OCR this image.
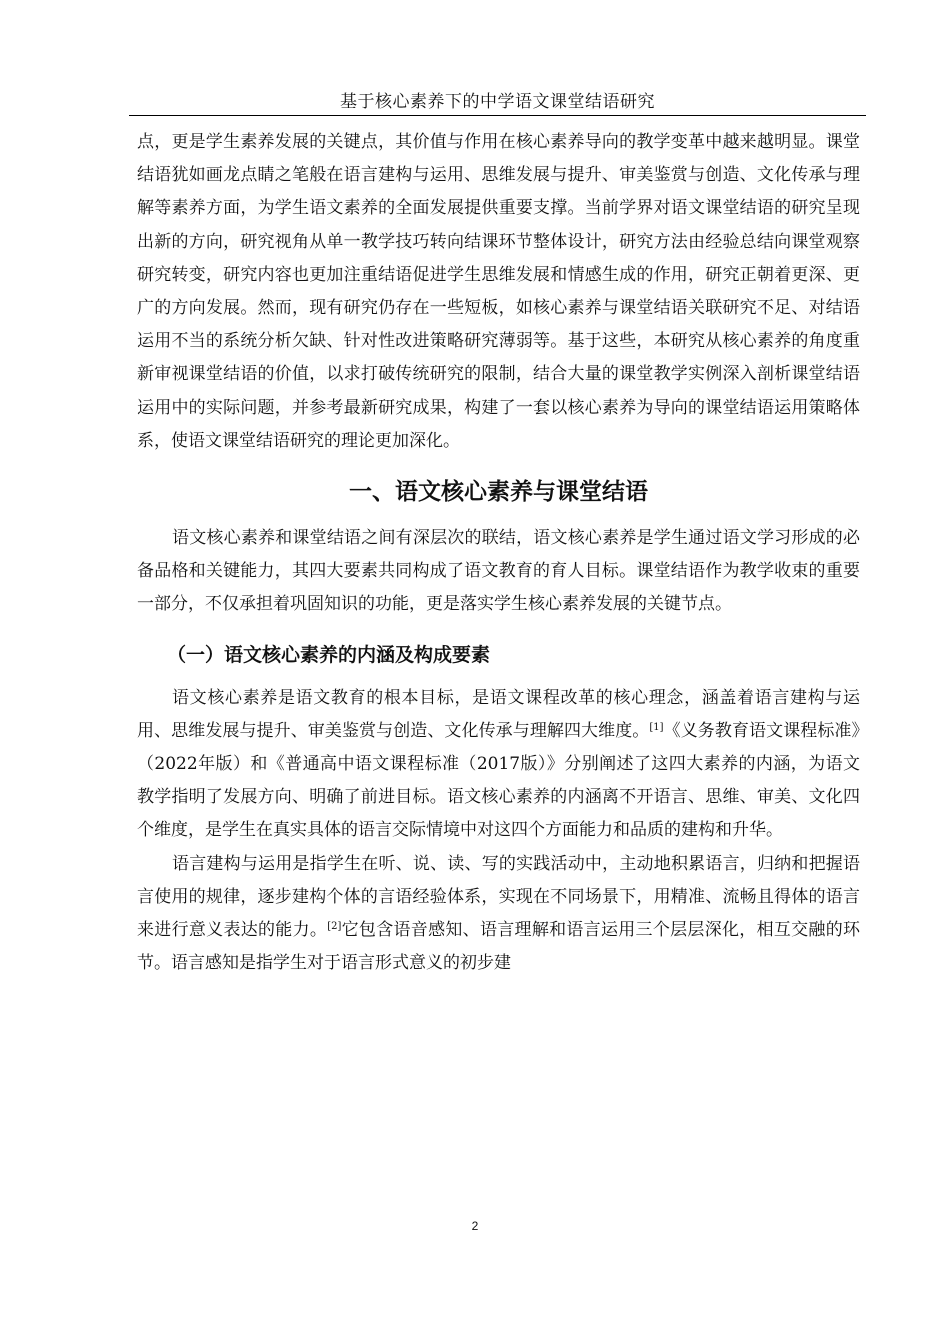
基于核心素养下的中学语文课堂结语研究

点，更是学生素养发展的关键点，其价值与作用在核心素养导向的教学变革中越来越明显。课堂结语犹如画龙点睛之笔般在语言建构与运用、思维发展与提升、审美鉴赏与创造、文化传承与理解等素养方面，为学生语文素养的全面发展提供重要支撑。当前学界对语文课堂结语的研究呈现出新的方向，研究视角从单一教学技巧转向结课环节整体设计，研究方法由经验总结向课堂观察研究转变，研究内容也更加注重结语促进学生思维发展和情感生成的作用，研究正朝着更深、更广的方向发展。然而，现有研究仍存在一些短板，如核心素养与课堂结语关联研究不足、对结语运用不当的系统分析欠缺、针对性改进策略研究薄弱等。基于这些，本研究从核心素养的角度重新审视课堂结语的价值，以求打破传统研究的限制，结合大量的课堂教学实例深入剖析课堂结语运用中的实际问题，并参考最新研究成果，构建了一套以核心素养为导向的课堂结语运用策略体系，使语文课堂结语研究的理论更加深化。

一、语文核心素养与课堂结语

语文核心素养和课堂结语之间有深层次的联结，语文核心素养是学生通过语文学习形成的必备品格和关键能力，其四大要素共同构成了语文教育的育人目标。课堂结语作为教学收束的重要一部分，不仅承担着巩固知识的功能，更是落实学生核心素养发展的关键节点。

（一）语文核心素养的内涵及构成要素

语文核心素养是语文教育的根本目标，是语文课程改革的核心理念，涵盖着语言建构与运用、思维发展与提升、审美鉴赏与创造、文化传承与理解四大维度。[1]《义务教育语文课程标准》（2022年版）和《普通高中语文课程标准（2017版）》分别阐述了这四大素养的内涵，为语文教学指明了发展方向、明确了前进目标。语文核心素养的内涵离不开语言、思维、审美、文化四个维度，是学生在真实具体的语言交际情境中对这四个方面能力和品质的建构和升华。

语言建构与运用是指学生在听、说、读、写的实践活动中，主动地积累语言，归纳和把握语言使用的规律，逐步建构个体的言语经验体系，实现在不同场景下，用精准、流畅且得体的语言来进行意义表达的能力。[2]它包含语音感知、语言理解和语言运用三个层层深化，相互交融的环节。语言感知是指学生对于语言形式意义的初步建

2
